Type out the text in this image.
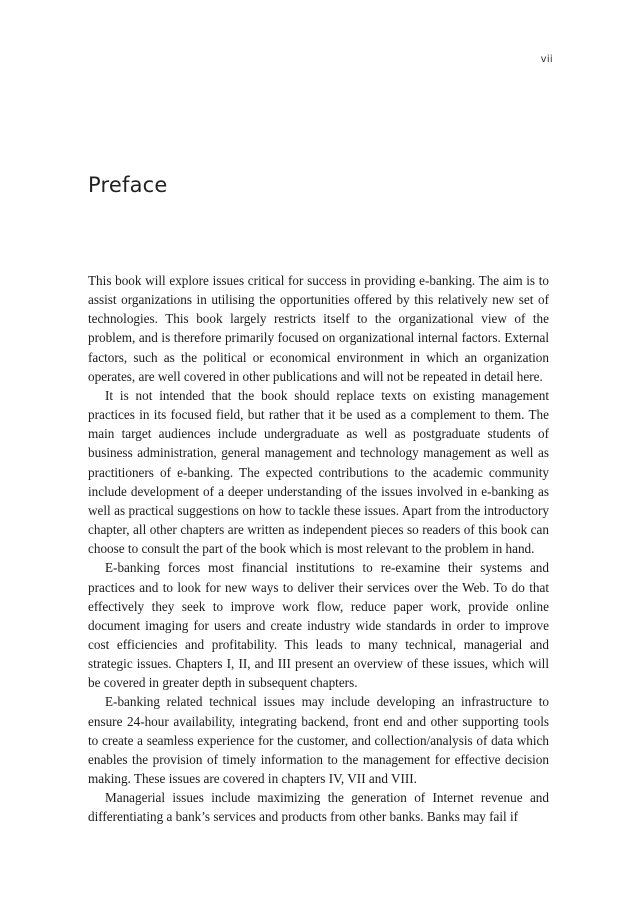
vii
Preface

This book will explore issues critical for success in providing e-banking. The aim is to assist organizations in utilising the opportunities offered by this relatively new set of technologies. This book largely restricts itself to the organizational view of the problem, and is therefore primarily focused on organizational internal factors. External factors, such as the political or economical environment in which an organization operates, are well covered in other publications and will not be repeated in detail here.

It is not intended that the book should replace texts on existing management practices in its focused field, but rather that it be used as a complement to them. The main target audiences include undergraduate as well as postgraduate students of business administration, general management and technology management as well as practitioners of e-banking. The expected contributions to the academic community include development of a deeper understanding of the issues involved in e-banking as well as practical suggestions on how to tackle these issues. Apart from the introductory chapter, all other chapters are written as independent pieces so readers of this book can choose to consult the part of the book which is most relevant to the problem in hand.

E-banking forces most financial institutions to re-examine their systems and practices and to look for new ways to deliver their services over the Web. To do that effectively they seek to improve work flow, reduce paper work, provide online document imaging for users and create industry wide standards in order to improve cost efficiencies and profitability. This leads to many technical, managerial and strategic issues. Chapters I, II, and III present an overview of these issues, which will be covered in greater depth in subsequent chapters.

E-banking related technical issues may include developing an infrastructure to ensure 24-hour availability, integrating backend, front end and other supporting tools to create a seamless experience for the customer, and collection/analysis of data which enables the provision of timely information to the management for effective decision making. These issues are covered in chapters IV, VII and VIII.

Managerial issues include maximizing the generation of Internet revenue and differentiating a bank’s services and products from other banks. Banks may fail if
